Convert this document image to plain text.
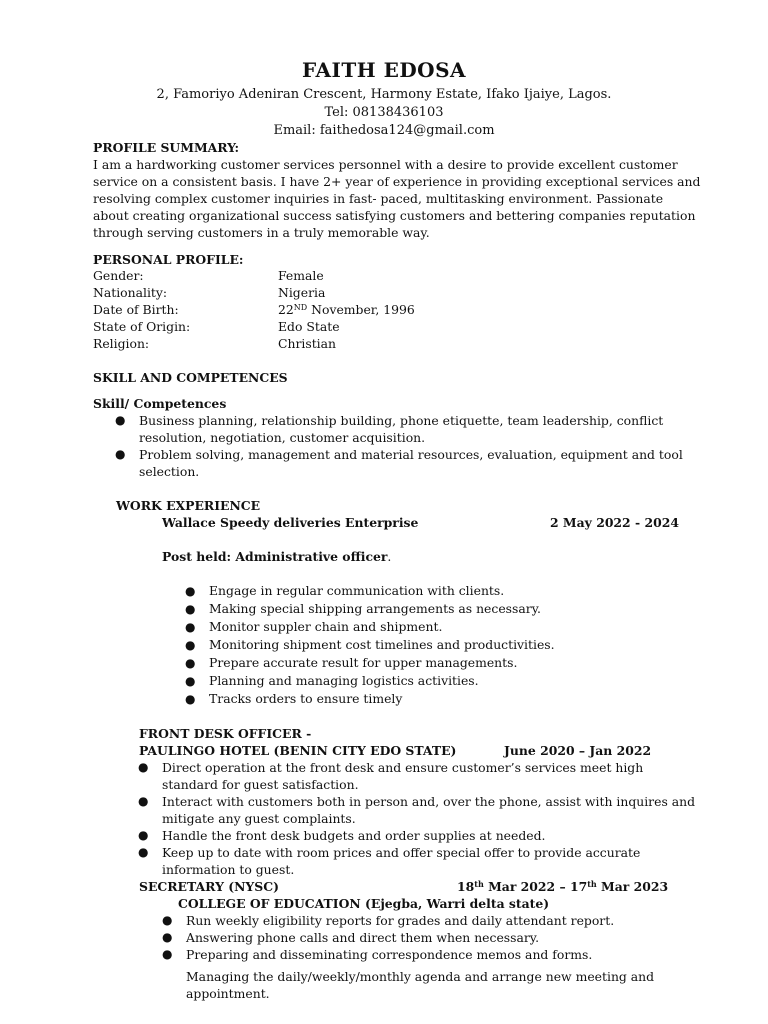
FAITH EDOSA
2, Famoriyo Adeniran Crescent, Harmony Estate, Ifako Ijaiye, Lagos.
Tel: 08138436103
Email: faithedosa124@gmail.com
PROFILE SUMMARY:
I am a hardworking customer services personnel with a desire to provide excellent customer
service on a consistent basis. I have 2+ year of experience in providing exceptional services and
resolving complex customer inquiries in fast- paced, multitasking environment. Passionate
about creating organizational success satisfying customers and bettering companies reputation
through serving customers in a truly memorable way.
PERSONAL PROFILE:
Gender:	Female
Nationality:	Nigeria
Date of Birth:	22ND November, 1996
State of Origin:	Edo State
Religion:	Christian
SKILL AND COMPETENCES
Skill/ Competences
● Business planning, relationship building, phone etiquette, team leadership, conflict
resolution, negotiation, customer acquisition.
● Problem solving, management and material resources, evaluation, equipment and tool
selection.
WORK EXPERIENCE
Wallace Speedy deliveries Enterprise	2 May 2022 - 2024
Post held: Administrative officer.
● Engage in regular communication with clients.
● Making special shipping arrangements as necessary.
● Monitor suppler chain and shipment.
● Monitoring shipment cost timelines and productivities.
● Prepare accurate result for upper managements.
● Planning and managing logistics activities.
● Tracks orders to ensure timely
FRONT DESK OFFICER -
PAULINGO HOTEL (BENIN CITY EDO STATE)	June 2020 – Jan 2022
● Direct operation at the front desk and ensure customer’s services meet high
standard for guest satisfaction.
● Interact with customers both in person and, over the phone, assist with inquires and
mitigate any guest complaints.
● Handle the front desk budgets and order supplies at needed.
● Keep up to date with room prices and offer special offer to provide accurate
information to guest.
SECRETARY (NYSC)	18th Mar 2022 – 17th Mar 2023
COLLEGE OF EDUCATION (Ejegba, Warri delta state)
● Run weekly eligibility reports for grades and daily attendant report.
● Answering phone calls and direct them when necessary.
● Preparing and disseminating correspondence memos and forms.
Managing the daily/weekly/monthly agenda and arrange new meeting and
appointment.
